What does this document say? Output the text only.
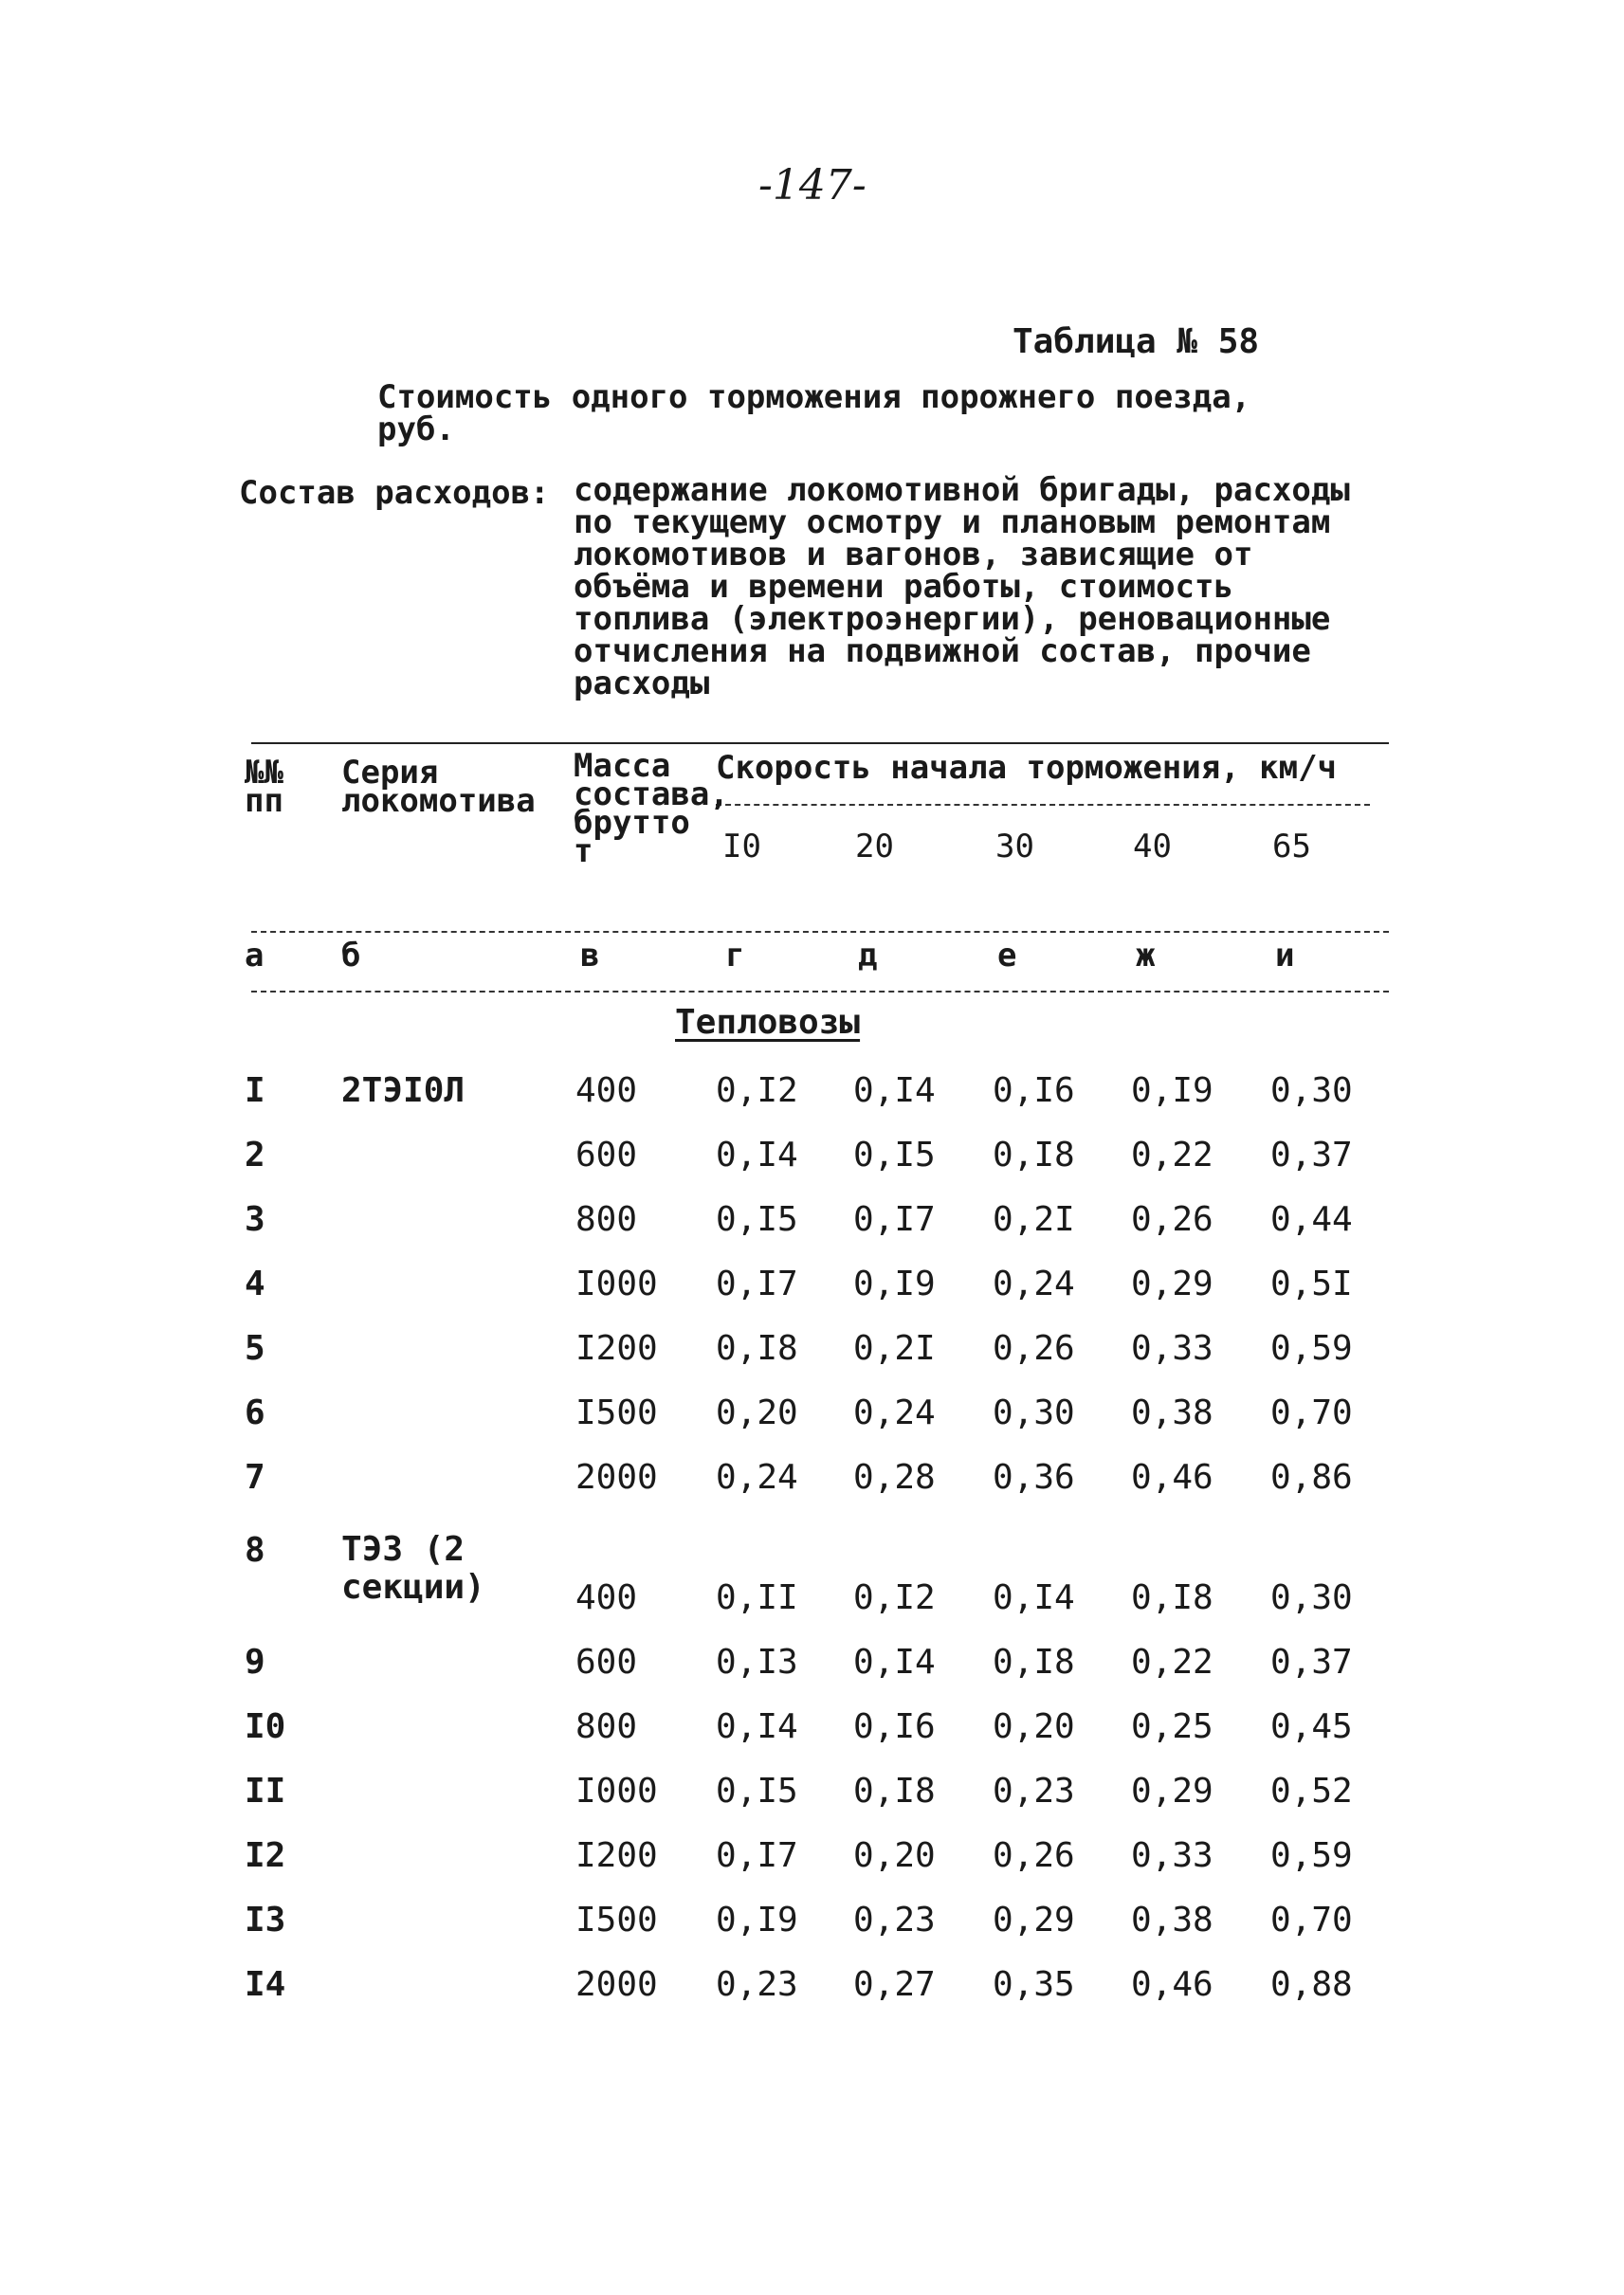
-147-
Таблица № 58
Стоимость одного торможения порожнего поезда, руб.
Состав расходов: содержание локомотивной бригады, расходы по текущему осмотру и плановым ремонтам локомотивов и вагонов, зависящие от объёма и времени работы, стоимость топлива (электроэнергии), реновационные отчисления на подвижной состав, прочие расходы
№№ пп
Серия локомотива
Масса состава, брутто т
Скорость начала торможения, км/ч
I0	20	30	40	65
а б	в	г	д	е	ж	и
Тепловозы
I 2ТЭI0Л	400 0,I2 0,I4 0,I6 0,I9 0,30
2	600 0,I4 0,I5 0,I8 0,22 0,37
3	800 0,I5 0,I7 0,2I 0,26 0,44
4	I000 0,I7 0,I9 0,24 0,29 0,5I
5	I200 0,I8 0,2I 0,26 0,33 0,59
6	I500 0,20 0,24 0,30 0,38 0,70
7	2000 0,24 0,28 0,36 0,46 0,86
8 ТЭЗ (2 секции)	400 0,II 0,I2 0,I4 0,I8 0,30
9	600 0,I3 0,I4 0,I8 0,22 0,37
I0	800 0,I4 0,I6 0,20 0,25 0,45
II	I000 0,I5 0,I8 0,23 0,29 0,52
I2	I200 0,I7 0,20 0,26 0,33 0,59
I3	I500 0,I9 0,23 0,29 0,38 0,70
I4	2000 0,23 0,27 0,35 0,46 0,88
